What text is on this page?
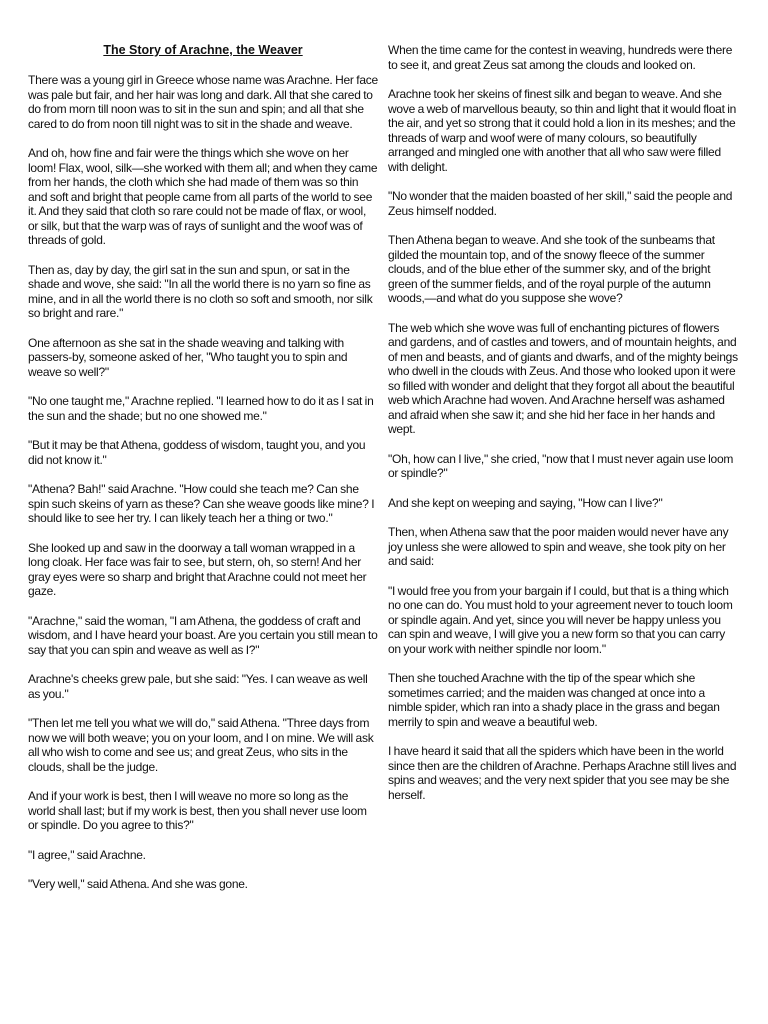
The Story of Arachne, the Weaver

There was a young girl in Greece whose name was Arachne. Her face was pale but fair, and her hair was long and dark. All that she cared to do from morn till noon was to sit in the sun and spin; and all that she cared to do from noon till night was to sit in the shade and weave.

And oh, how fine and fair were the things which she wove on her loom! Flax, wool, silk—she worked with them all; and when they came from her hands, the cloth which she had made of them was so thin and soft and bright that people came from all parts of the world to see it. And they said that cloth so rare could not be made of flax, or wool, or silk, but that the warp was of rays of sunlight and the woof was of threads of gold.

Then as, day by day, the girl sat in the sun and spun, or sat in the shade and wove, she said: "In all the world there is no yarn so fine as mine, and in all the world there is no cloth so soft and smooth, nor silk so bright and rare."

One afternoon as she sat in the shade weaving and talking with passers-by, someone asked of her, "Who taught you to spin and weave so well?"

"No one taught me," Arachne replied. "I learned how to do it as I sat in the sun and the shade; but no one showed me."

"But it may be that Athena, goddess of wisdom, taught you, and you did not know it."

"Athena? Bah!" said Arachne. "How could she teach me? Can she spin such skeins of yarn as these? Can she weave goods like mine? I should like to see her try. I can likely teach her a thing or two."

She looked up and saw in the doorway a tall woman wrapped in a long cloak. Her face was fair to see, but stern, oh, so stern! And her gray eyes were so sharp and bright that Arachne could not meet her gaze.

"Arachne," said the woman, "I am Athena, the goddess of craft and wisdom, and I have heard your boast. Are you certain you still mean to say that you can spin and weave as well as I?"

Arachne's cheeks grew pale, but she said: "Yes. I can weave as well as you."

"Then let me tell you what we will do," said Athena. "Three days from now we will both weave; you on your loom, and I on mine. We will ask all who wish to come and see us; and great Zeus, who sits in the clouds, shall be the judge.

And if your work is best, then I will weave no more so long as the world shall last; but if my work is best, then you shall never use loom or spindle. Do you agree to this?"

"I agree," said Arachne.

"Very well," said Athena. And she was gone.

When the time came for the contest in weaving, hundreds were there to see it, and great Zeus sat among the clouds and looked on.

Arachne took her skeins of finest silk and began to weave. And she wove a web of marvellous beauty, so thin and light that it would float in the air, and yet so strong that it could hold a lion in its meshes; and the threads of warp and woof were of many colours, so beautifully arranged and mingled one with another that all who saw were filled with delight.

"No wonder that the maiden boasted of her skill," said the people and Zeus himself nodded.

Then Athena began to weave. And she took of the sunbeams that gilded the mountain top, and of the snowy fleece of the summer clouds, and of the blue ether of the summer sky, and of the bright green of the summer fields, and of the royal purple of the autumn woods,—and what do you suppose she wove?

The web which she wove was full of enchanting pictures of flowers and gardens, and of castles and towers, and of mountain heights, and of men and beasts, and of giants and dwarfs, and of the mighty beings who dwell in the clouds with Zeus. And those who looked upon it were so filled with wonder and delight that they forgot all about the beautiful web which Arachne had woven. And Arachne herself was ashamed and afraid when she saw it; and she hid her face in her hands and wept.

"Oh, how can I live," she cried, "now that I must never again use loom or spindle?"

And she kept on weeping and saying, "How can I live?"

Then, when Athena saw that the poor maiden would never have any joy unless she were allowed to spin and weave, she took pity on her and said:

"I would free you from your bargain if I could, but that is a thing which no one can do. You must hold to your agreement never to touch loom or spindle again. And yet, since you will never be happy unless you can spin and weave, I will give you a new form so that you can carry on your work with neither spindle nor loom."

Then she touched Arachne with the tip of the spear which she sometimes carried; and the maiden was changed at once into a nimble spider, which ran into a shady place in the grass and began merrily to spin and weave a beautiful web.

I have heard it said that all the spiders which have been in the world since then are the children of Arachne. Perhaps Arachne still lives and spins and weaves; and the very next spider that you see may be she herself.
